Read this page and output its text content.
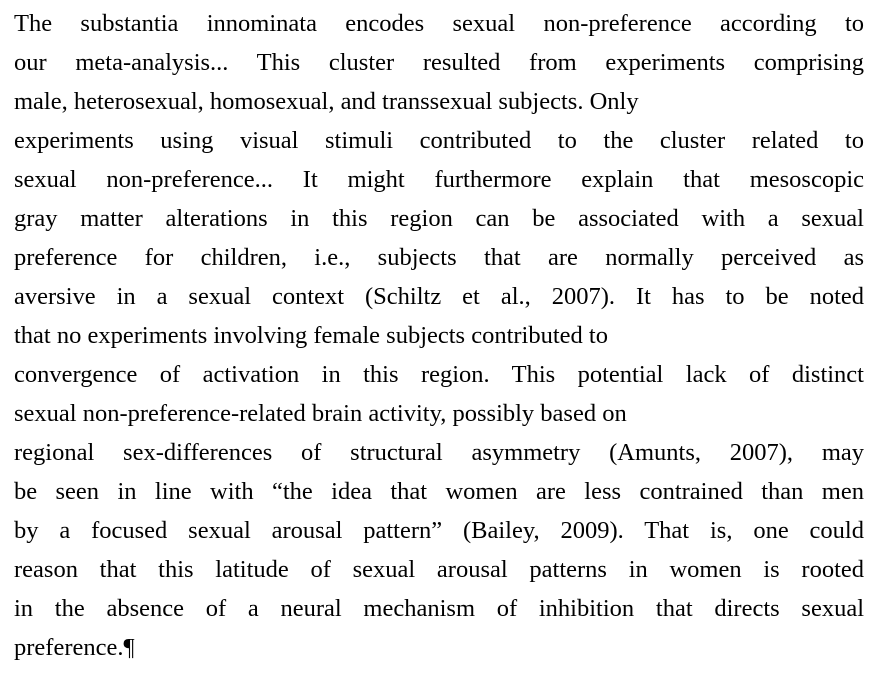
The substantia innominata encodes sexual non-preference according to
our meta-analysis... This cluster resulted from experiments comprising
male, heterosexual, homosexual, and transsexual subjects. Only
experiments using visual stimuli contributed to the cluster related to
sexual non-preference... It might furthermore explain that mesoscopic
gray matter alterations in this region can be associated with a sexual
preference for children, i.e., subjects that are normally perceived as
aversive in a sexual context (Schiltz et al., 2007). It has to be noted
that no experiments involving female subjects contributed to
convergence of activation in this region. This potential lack of distinct
sexual non-preference-related brain activity, possibly based on
regional sex-differences of structural asymmetry (Amunts, 2007), may
be seen in line with “the idea that women are less contrained than men
by a focused sexual arousal pattern” (Bailey, 2009). That is, one could
reason that this latitude of sexual arousal patterns in women is rooted
in the absence of a neural mechanism of inhibition that directs sexual
preference.¶
